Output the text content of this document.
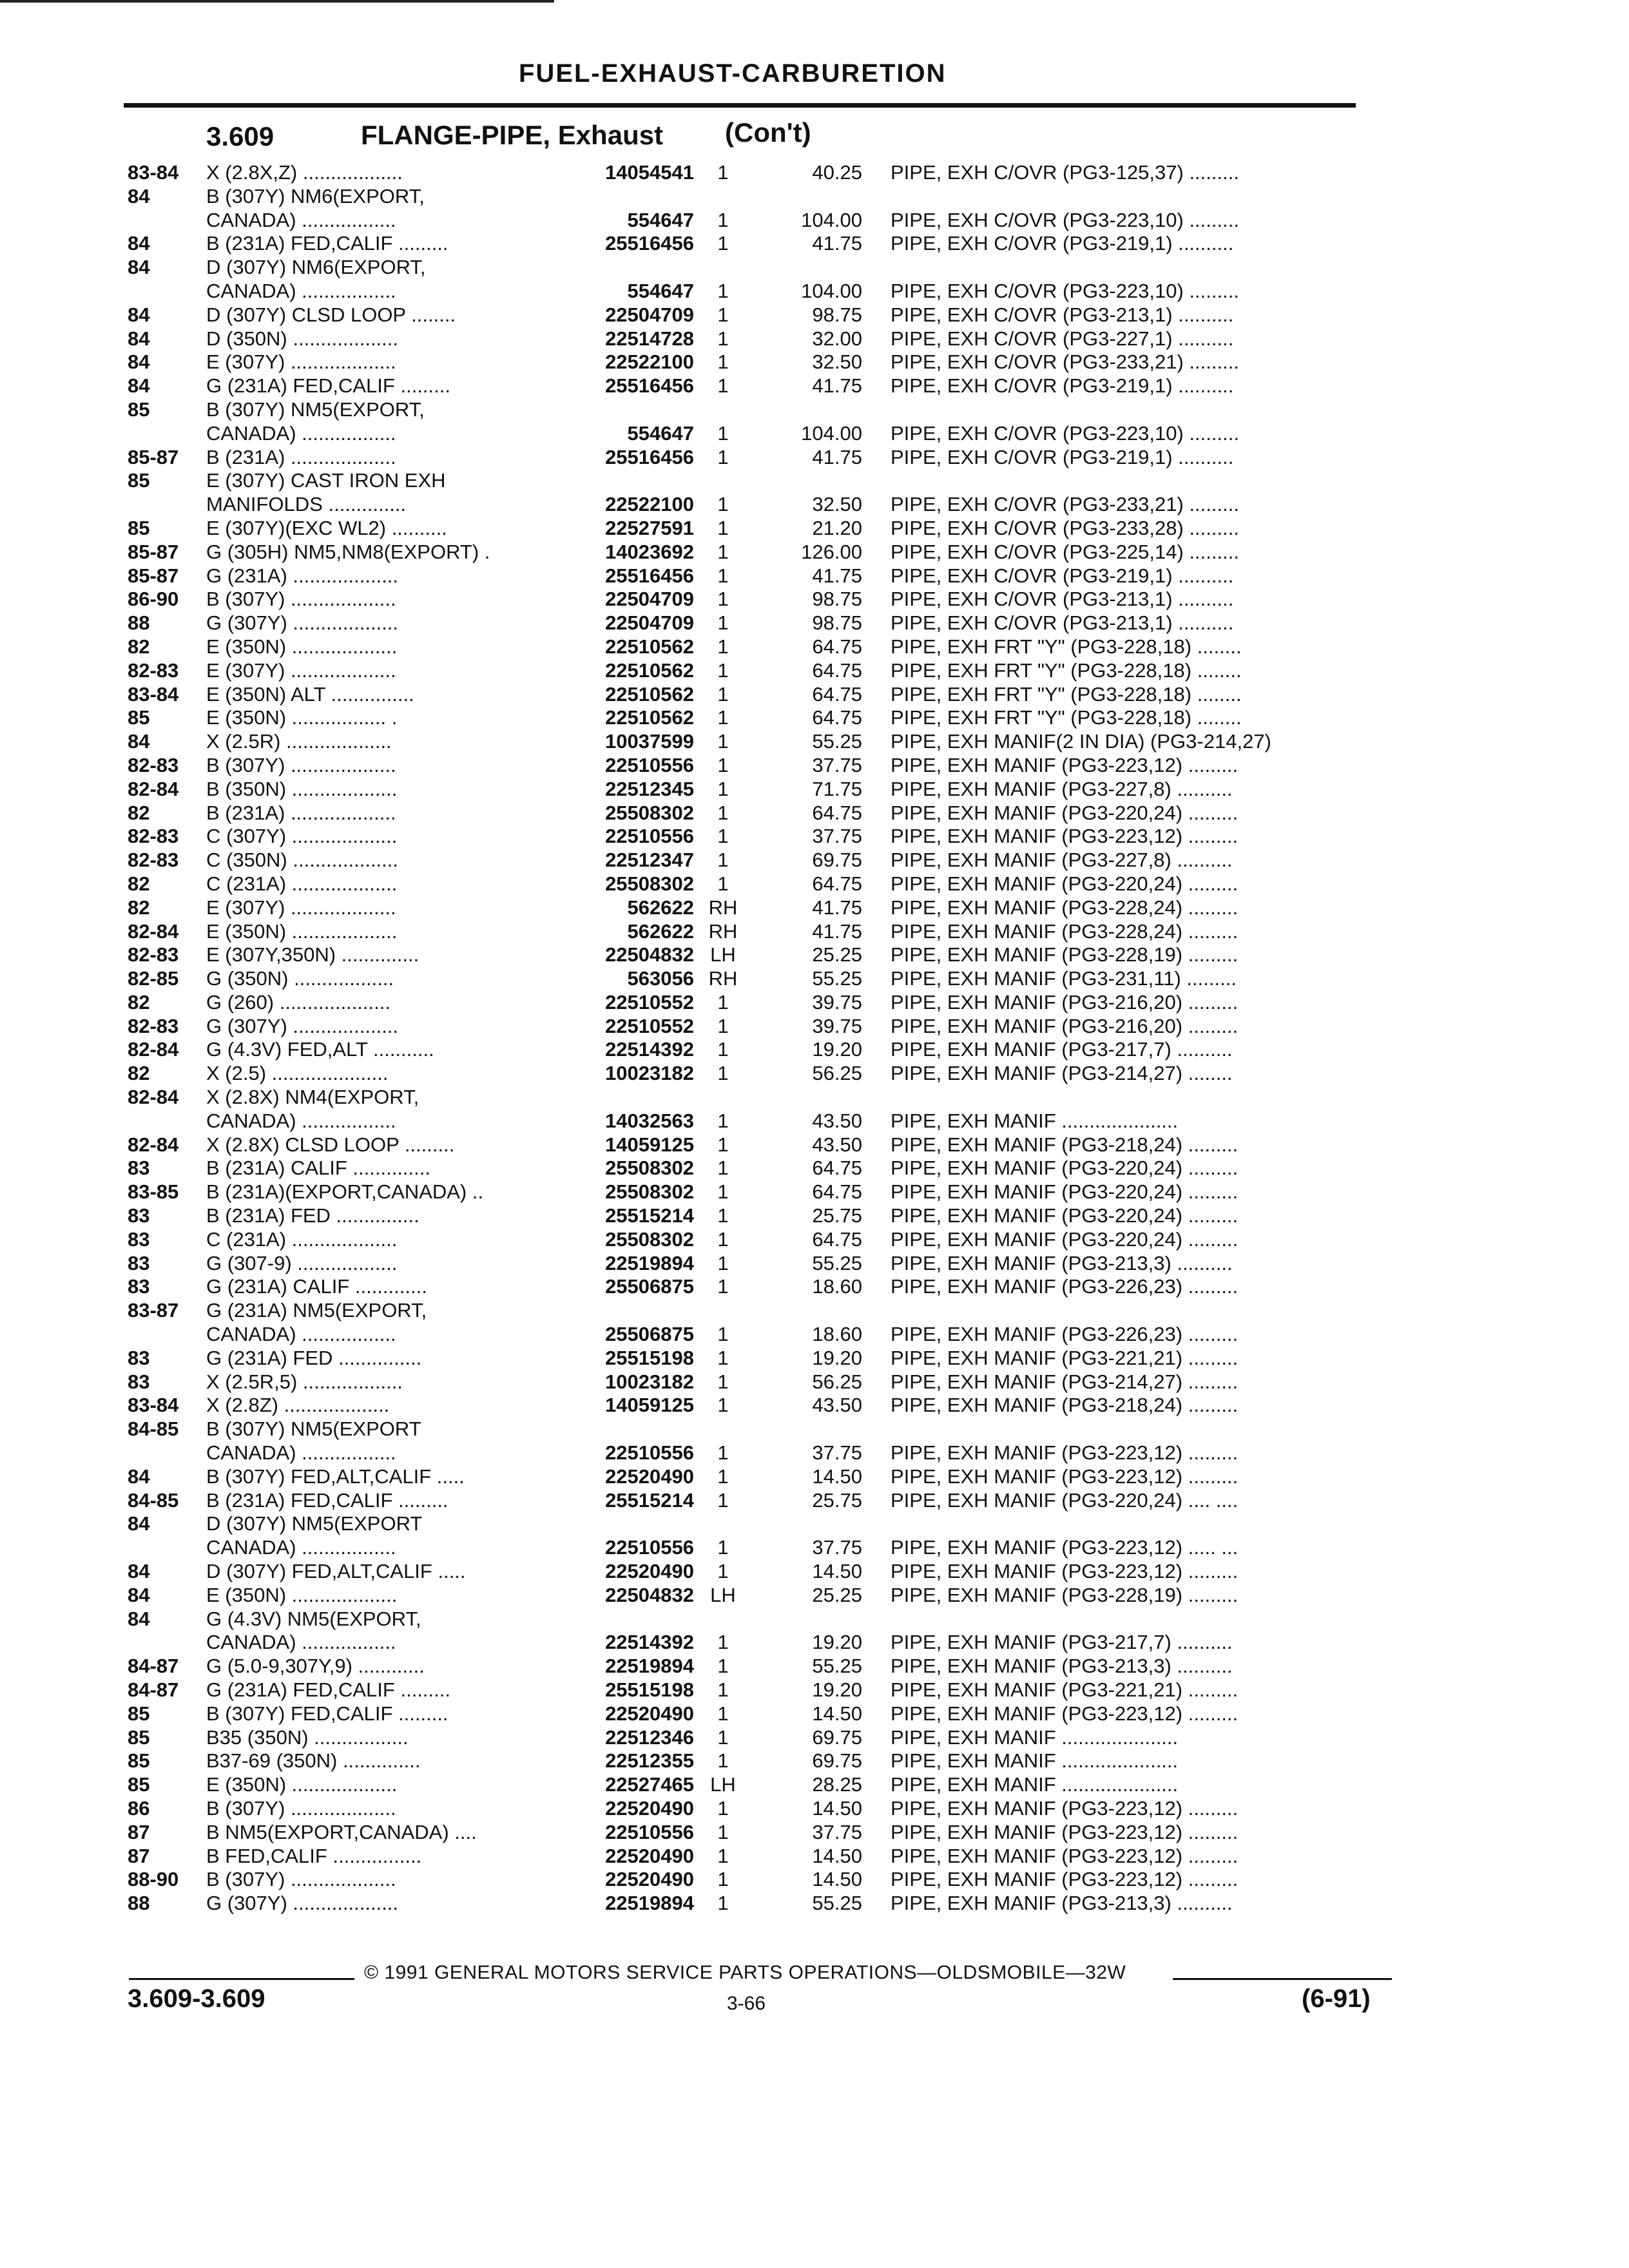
FUEL-EXHAUST-CARBURETION
3.609	FLANGE-PIPE, Exhaust (Con't)
83-84 X (2.8X,Z) ..................	14054541	1	40.25 PIPE, EXH C/OVR (PG3-125,37) .........
84	B (307Y) NM6(EXPORT,
CANADA) .................	554647	1	104.00 PIPE, EXH C/OVR (PG3-223,10) .........
84	B (231A) FED,CALIF .........	25516456	1	41.75 PIPE, EXH C/OVR (PG3-219,1) ..........
84	D (307Y) NM6(EXPORT,
CANADA) .................	554647	1	104.00 PIPE, EXH C/OVR (PG3-223,10) .........
84	D (307Y) CLSD LOOP ........	22504709	1	98.75 PIPE, EXH C/OVR (PG3-213,1) ..........
84	D (350N) ...................	22514728	1	32.00 PIPE, EXH C/OVR (PG3-227,1) ..........
84	E (307Y) ...................	22522100	1	32.50 PIPE, EXH C/OVR (PG3-233,21) .........
84	G (231A) FED,CALIF .........	25516456	1	41.75 PIPE, EXH C/OVR (PG3-219,1) ..........
85	B (307Y) NM5(EXPORT,
CANADA) .................	554647	1	104.00 PIPE, EXH C/OVR (PG3-223,10) .........
85-87 B (231A) ...................	25516456	1	41.75 PIPE, EXH C/OVR (PG3-219,1) ..........
85	E (307Y) CAST IRON EXH
MANIFOLDS ..............	22522100	1	32.50 PIPE, EXH C/OVR (PG3-233,21) .........
85	E (307Y)(EXC WL2) ..........	22527591	1	21.20 PIPE, EXH C/OVR (PG3-233,28) .........
85-87 G (305H) NM5,NM8(EXPORT) .	14023692	1	126.00 PIPE, EXH C/OVR (PG3-225,14) .........
85-87 G (231A) ...................	25516456	1	41.75 PIPE, EXH C/OVR (PG3-219,1) ..........
86-90 B (307Y) ...................	22504709	1	98.75 PIPE, EXH C/OVR (PG3-213,1) ..........
88	G (307Y) ...................	22504709	1	98.75 PIPE, EXH C/OVR (PG3-213,1) ..........
82	E (350N) ...................	22510562	1	64.75 PIPE, EXH FRT "Y" (PG3-228,18) ........
82-83 E (307Y) ...................	22510562	1	64.75 PIPE, EXH FRT "Y" (PG3-228,18) ........
83-84 E (350N) ALT ...............	22510562	1	64.75 PIPE, EXH FRT "Y" (PG3-228,18) ........
85	E (350N) ................. .	22510562	1	64.75 PIPE, EXH FRT "Y" (PG3-228,18) ........
84	X (2.5R) ...................	10037599	1	55.25 PIPE, EXH MANIF(2 IN DIA) (PG3-214,27)
82-83 B (307Y) ...................	22510556	1	37.75 PIPE, EXH MANIF (PG3-223,12) .........
82-84 B (350N) ...................	22512345	1	71.75 PIPE, EXH MANIF (PG3-227,8) ..........
82	B (231A) ...................	25508302	1	64.75 PIPE, EXH MANIF (PG3-220,24) .........
82-83 C (307Y) ...................	22510556	1	37.75 PIPE, EXH MANIF (PG3-223,12) .........
82-83 C (350N) ...................	22512347	1	69.75 PIPE, EXH MANIF (PG3-227,8) ..........
82	C (231A) ...................	25508302	1	64.75 PIPE, EXH MANIF (PG3-220,24) .........
82	E (307Y) ...................	562622 RH	41.75 PIPE, EXH MANIF (PG3-228,24) .........
82-84 E (350N) ...................	562622 RH	41.75 PIPE, EXH MANIF (PG3-228,24) .........
82-83 E (307Y,350N) ..............	22504832 LH	25.25 PIPE, EXH MANIF (PG3-228,19) .........
82-85 G (350N) ..................	563056 RH	55.25 PIPE, EXH MANIF (PG3-231,11) .........
82	G (260) ....................	22510552	1	39.75 PIPE, EXH MANIF (PG3-216,20) .........
82-83 G (307Y) ...................	22510552	1	39.75 PIPE, EXH MANIF (PG3-216,20) .........
82-84 G (4.3V) FED,ALT ...........	22514392	1	19.20 PIPE, EXH MANIF (PG3-217,7) ..........
82	X (2.5) .....................	10023182	1	56.25 PIPE, EXH MANIF (PG3-214,27) ........
82-84 X (2.8X) NM4(EXPORT,
CANADA) .................	14032563	1	43.50 PIPE, EXH MANIF .....................
82-84 X (2.8X) CLSD LOOP .........	14059125	1	43.50 PIPE, EXH MANIF (PG3-218,24) .........
83	B (231A) CALIF ..............	25508302	1	64.75 PIPE, EXH MANIF (PG3-220,24) .........
83-85 B (231A)(EXPORT,CANADA) ..	25508302	1	64.75 PIPE, EXH MANIF (PG3-220,24) .........
83	B (231A) FED ...............	25515214	1	25.75 PIPE, EXH MANIF (PG3-220,24) .........
83	C (231A) ...................	25508302	1	64.75 PIPE, EXH MANIF (PG3-220,24) .........
83	G (307-9) ..................	22519894	1	55.25 PIPE, EXH MANIF (PG3-213,3) ..........
83	G (231A) CALIF .............	25506875	1	18.60 PIPE, EXH MANIF (PG3-226,23) .........
83-87 G (231A) NM5(EXPORT,
CANADA) .................	25506875	1	18.60 PIPE, EXH MANIF (PG3-226,23) .........
83	G (231A) FED ...............	25515198	1	19.20 PIPE, EXH MANIF (PG3-221,21) .........
83	X (2.5R,5) ..................	10023182	1	56.25 PIPE, EXH MANIF (PG3-214,27) .........
83-84 X (2.8Z) ...................	14059125	1	43.50 PIPE, EXH MANIF (PG3-218,24) .........
84-85 B (307Y) NM5(EXPORT
CANADA) .................	22510556	1	37.75 PIPE, EXH MANIF (PG3-223,12) .........
84	B (307Y) FED,ALT,CALIF .....	22520490	1	14.50 PIPE, EXH MANIF (PG3-223,12) .........
84-85 B (231A) FED,CALIF .........	25515214	1	25.75 PIPE, EXH MANIF (PG3-220,24) .... ....
84	D (307Y) NM5(EXPORT
CANADA) .................	22510556	1	37.75 PIPE, EXH MANIF (PG3-223,12) ..... ...
84	D (307Y) FED,ALT,CALIF .....	22520490	1	14.50 PIPE, EXH MANIF (PG3-223,12) .........
84	E (350N) ...................	22504832 LH	25.25 PIPE, EXH MANIF (PG3-228,19) .........
84	G (4.3V) NM5(EXPORT,
CANADA) .................	22514392	1	19.20 PIPE, EXH MANIF (PG3-217,7) ..........
84-87 G (5.0-9,307Y,9) ............	22519894	1	55.25 PIPE, EXH MANIF (PG3-213,3) ..........
84-87 G (231A) FED,CALIF .........	25515198	1	19.20 PIPE, EXH MANIF (PG3-221,21) .........
85	B (307Y) FED,CALIF .........	22520490	1	14.50 PIPE, EXH MANIF (PG3-223,12) .........
85	B35 (350N) .................	22512346	1	69.75 PIPE, EXH MANIF .....................
85	B37-69 (350N) ..............	22512355	1	69.75 PIPE, EXH MANIF .....................
85	E (350N) ...................	22527465 LH	28.25 PIPE, EXH MANIF .....................
86	B (307Y) ...................	22520490	1	14.50 PIPE, EXH MANIF (PG3-223,12) .........
87	B NM5(EXPORT,CANADA) ....	22510556	1	37.75 PIPE, EXH MANIF (PG3-223,12) .........
87	B FED,CALIF ................	22520490	1	14.50 PIPE, EXH MANIF (PG3-223,12) .........
88-90 B (307Y) ...................	22520490	1	14.50 PIPE, EXH MANIF (PG3-223,12) .........
88	G (307Y) ...................	22519894	1	55.25 PIPE, EXH MANIF (PG3-213,3) ..........
© 1991 GENERAL MOTORS SERVICE PARTS OPERATIONS—OLDSMOBILE—32W
3.609-3.609	3-66	(6-91)
